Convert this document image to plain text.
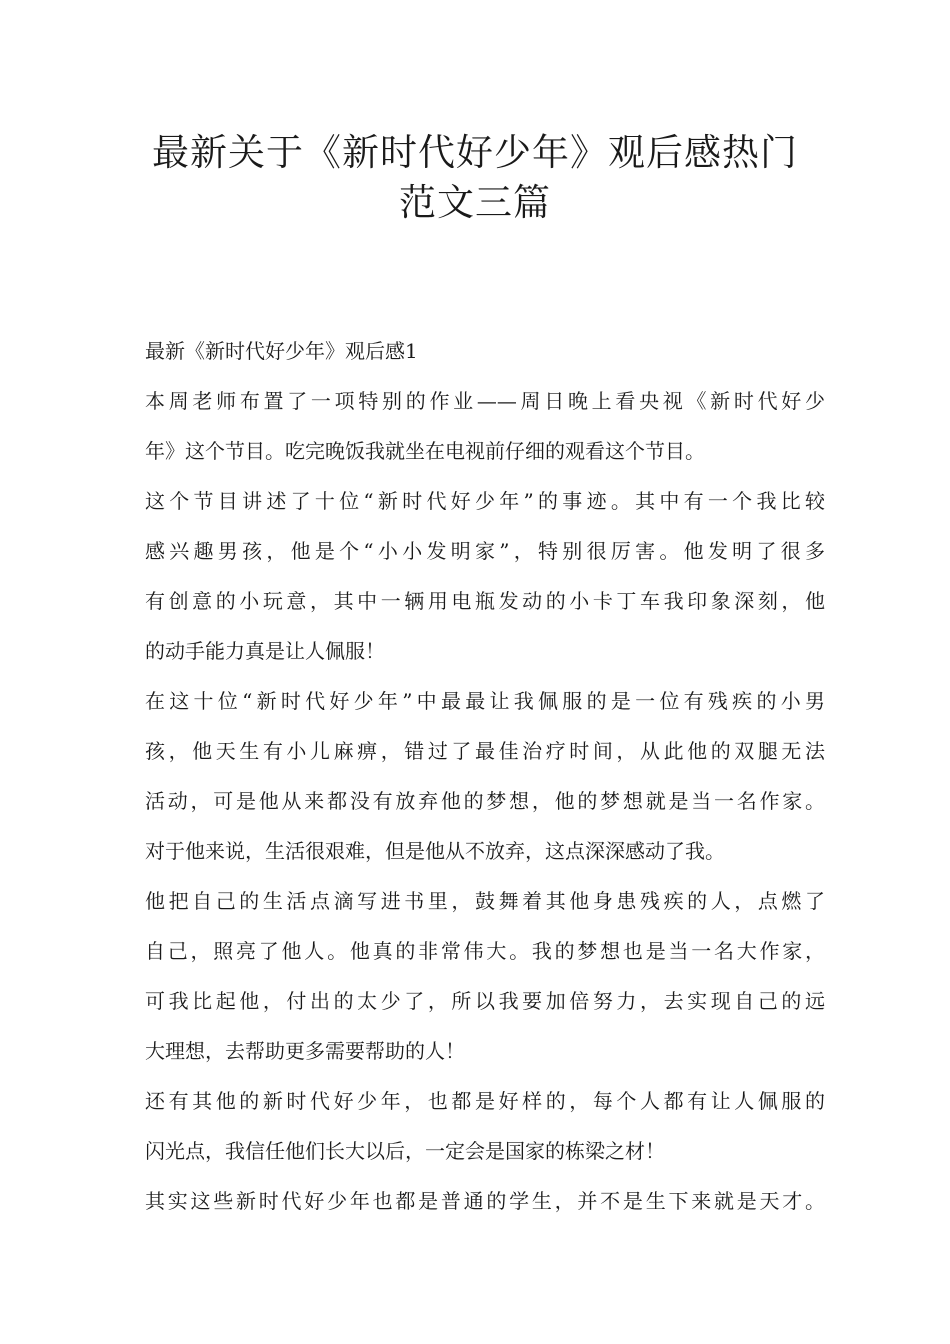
最新关于《新时代好少年》观后感热门
范文三篇
最新《新时代好少年》观后感1
本周老师布置了一项特别的作业——周日晚上看央视《新时代好少
年》这个节目。吃完晚饭我就坐在电视前仔细的观看这个节目。
这个节目讲述了十位“新时代好少年”的事迹。其中有一个我比较
感兴趣男孩，他是个“小小发明家”，特别很厉害。他发明了很多
有创意的小玩意，其中一辆用电瓶发动的小卡丁车我印象深刻，他
的动手能力真是让人佩服！
在这十位“新时代好少年”中最最让我佩服的是一位有残疾的小男
孩，他天生有小儿麻痹，错过了最佳治疗时间，从此他的双腿无法
活动，可是他从来都没有放弃他的梦想，他的梦想就是当一名作家。
对于他来说，生活很艰难，但是他从不放弃，这点深深感动了我。
他把自己的生活点滴写进书里，鼓舞着其他身患残疾的人，点燃了
自己，照亮了他人。他真的非常伟大。我的梦想也是当一名大作家，
可我比起他，付出的太少了，所以我要加倍努力，去实现自己的远
大理想，去帮助更多需要帮助的人！
还有其他的新时代好少年，也都是好样的，每个人都有让人佩服的
闪光点，我信任他们长大以后，一定会是国家的栋梁之材！
其实这些新时代好少年也都是普通的学生，并不是生下来就是天才。
